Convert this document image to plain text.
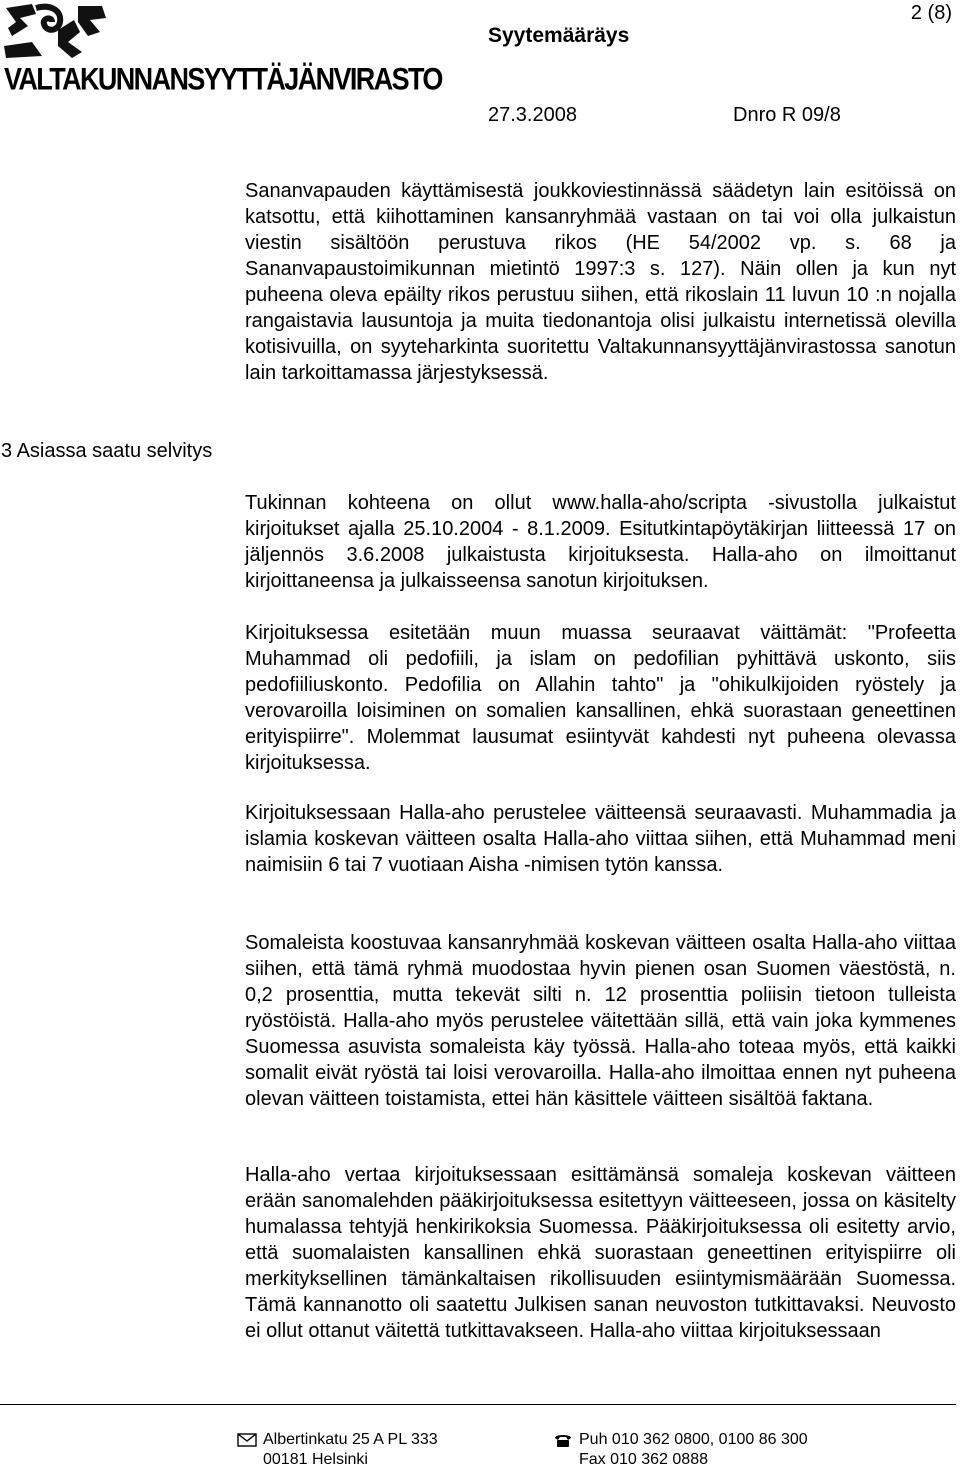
VALTAKUNNANSYYTTÄJÄNVIRASTO
Syytemääräys
2 (8)
27.3.2008	Dnro R 09/8
3 Asiassa saatu selvitys

Sananvapauden käyttämisestä joukkoviestinnässä säädetyn lain esitöissä on katsottu, että kiihottaminen kansanryhmää vastaan on tai voi olla julkaistun viestin sisältöön perustuva rikos (HE 54/2002 vp. s. 68 ja Sananvapaustoimikunnan mietintö 1997:3 s. 127). Näin ollen ja kun nyt puheena oleva epäilty rikos perustuu siihen, että rikoslain 11 luvun 10 :n nojalla rangaistavia lausuntoja ja muita tiedonantoja olisi julkaistu internetissä olevilla kotisivuilla, on syyteharkinta suoritettu Valtakunnansyyttäjänvirastossa sanotun lain tarkoittamassa järjestyksessä.

Tukinnan kohteena on ollut www.halla-aho/scripta -sivustolla julkaistut kirjoitukset ajalla 25.10.2004 - 8.1.2009. Esitutkintapöytäkirjan liitteessä 17 on jäljennös 3.6.2008 julkaistusta kirjoituksesta. Halla-aho on ilmoittanut kirjoittaneensa ja julkaisseensa sanotun kirjoituksen.

Kirjoituksessa esitetään muun muassa seuraavat väittämät: "Profeetta Muhammad oli pedofiili, ja islam on pedofilian pyhittävä uskonto, siis pedofiiliuskonto. Pedofilia on Allahin tahto" ja "ohikulkijoiden ryöstely ja verovaroilla loisiminen on somalien kansallinen, ehkä suorastaan geneettinen erityispiirre". Molemmat lausumat esiintyvät kahdesti nyt puheena olevassa kirjoituksessa.

Kirjoituksessaan Halla-aho perustelee väitteensä seuraavasti. Muhammadia ja islamia koskevan väitteen osalta Halla-aho viittaa siihen, että Muhammad meni naimisiin 6 tai 7 vuotiaan Aisha -nimisen tytön kanssa.

Somaleista koostuvaa kansanryhmää koskevan väitteen osalta Halla-aho viittaa siihen, että tämä ryhmä muodostaa hyvin pienen osan Suomen väestöstä, n. 0,2 prosenttia, mutta tekevät silti n. 12 prosenttia poliisin tietoon tulleista ryöstöistä. Halla-aho myös perustelee väitettään sillä, että vain joka kymmenes Suomessa asuvista somaleista käy työssä. Halla-aho toteaa myös, että kaikki somalit eivät ryöstä tai loisi verovaroilla. Halla-aho ilmoittaa ennen nyt puheena olevan väitteen toistamista, ettei hän käsittele väitteen sisältöä faktana.

Halla-aho vertaa kirjoituksessaan esittämänsä somaleja koskevan väitteen erään sanomalehden pääkirjoituksessa esitettyyn väitteeseen, jossa on käsitelty humalassa tehtyjä henkirikoksia Suomessa. Pääkirjoituksessa oli esitetty arvio, että suomalaisten kansallinen ehkä suorastaan geneettinen erityispiirre oli merkityksellinen tämänkaltaisen rikollisuuden esiintymismäärään Suomessa. Tämä kannanotto oli saatettu Julkisen sanan neuvoston tutkittavaksi. Neuvosto ei ollut ottanut väitettä tutkittavakseen. Halla-aho viittaa kirjoituksessaan

Albertinkatu 25 A PL 333
00181 Helsinki
Puh 010 362 0800, 0100 86 300
Fax 010 362 0888
